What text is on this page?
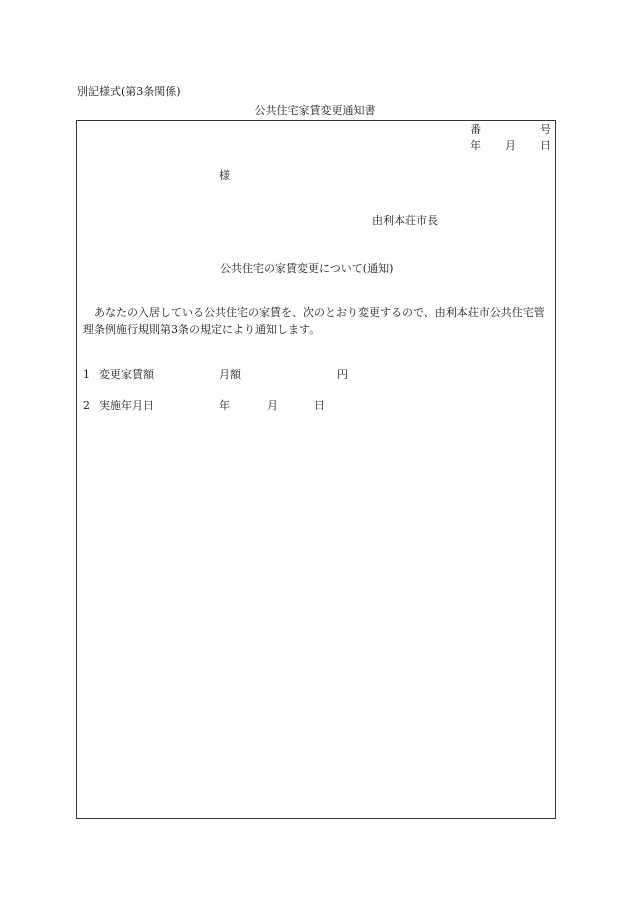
別記様式(第3条関係)
公共住宅家賃変更通知書
番	号
年 月 日
様
由利本荘市長
公共住宅の家賃変更について(通知)
あなたの入居している公共住宅の家賃を、次のとおり変更するので、由利本荘市公共住宅管理条例施行規則第3条の規定により通知します。
1 変更家賃額	月額	円
2 実施年月日	年	月	日
